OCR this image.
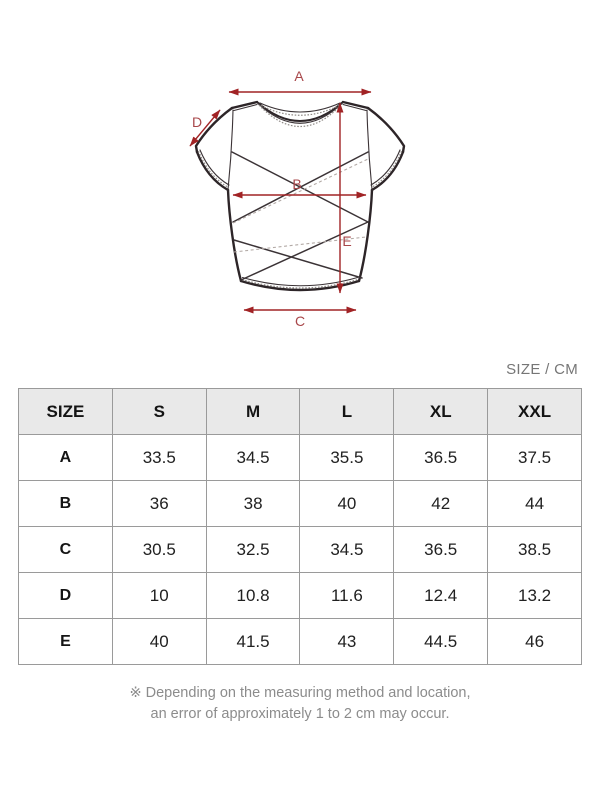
A
B
C
D
E
SIZE / CM
SIZE	S	M	L	XL	XXL
A	33.5	34.5	35.5	36.5	37.5
B	36	38	40	42	44
C	30.5	32.5	34.5	36.5	38.5
D	10	10.8	11.6	12.4	13.2
E	40	41.5	43	44.5	46
※ Depending on the measuring method and location,
an error of approximately 1 to 2 cm may occur.
